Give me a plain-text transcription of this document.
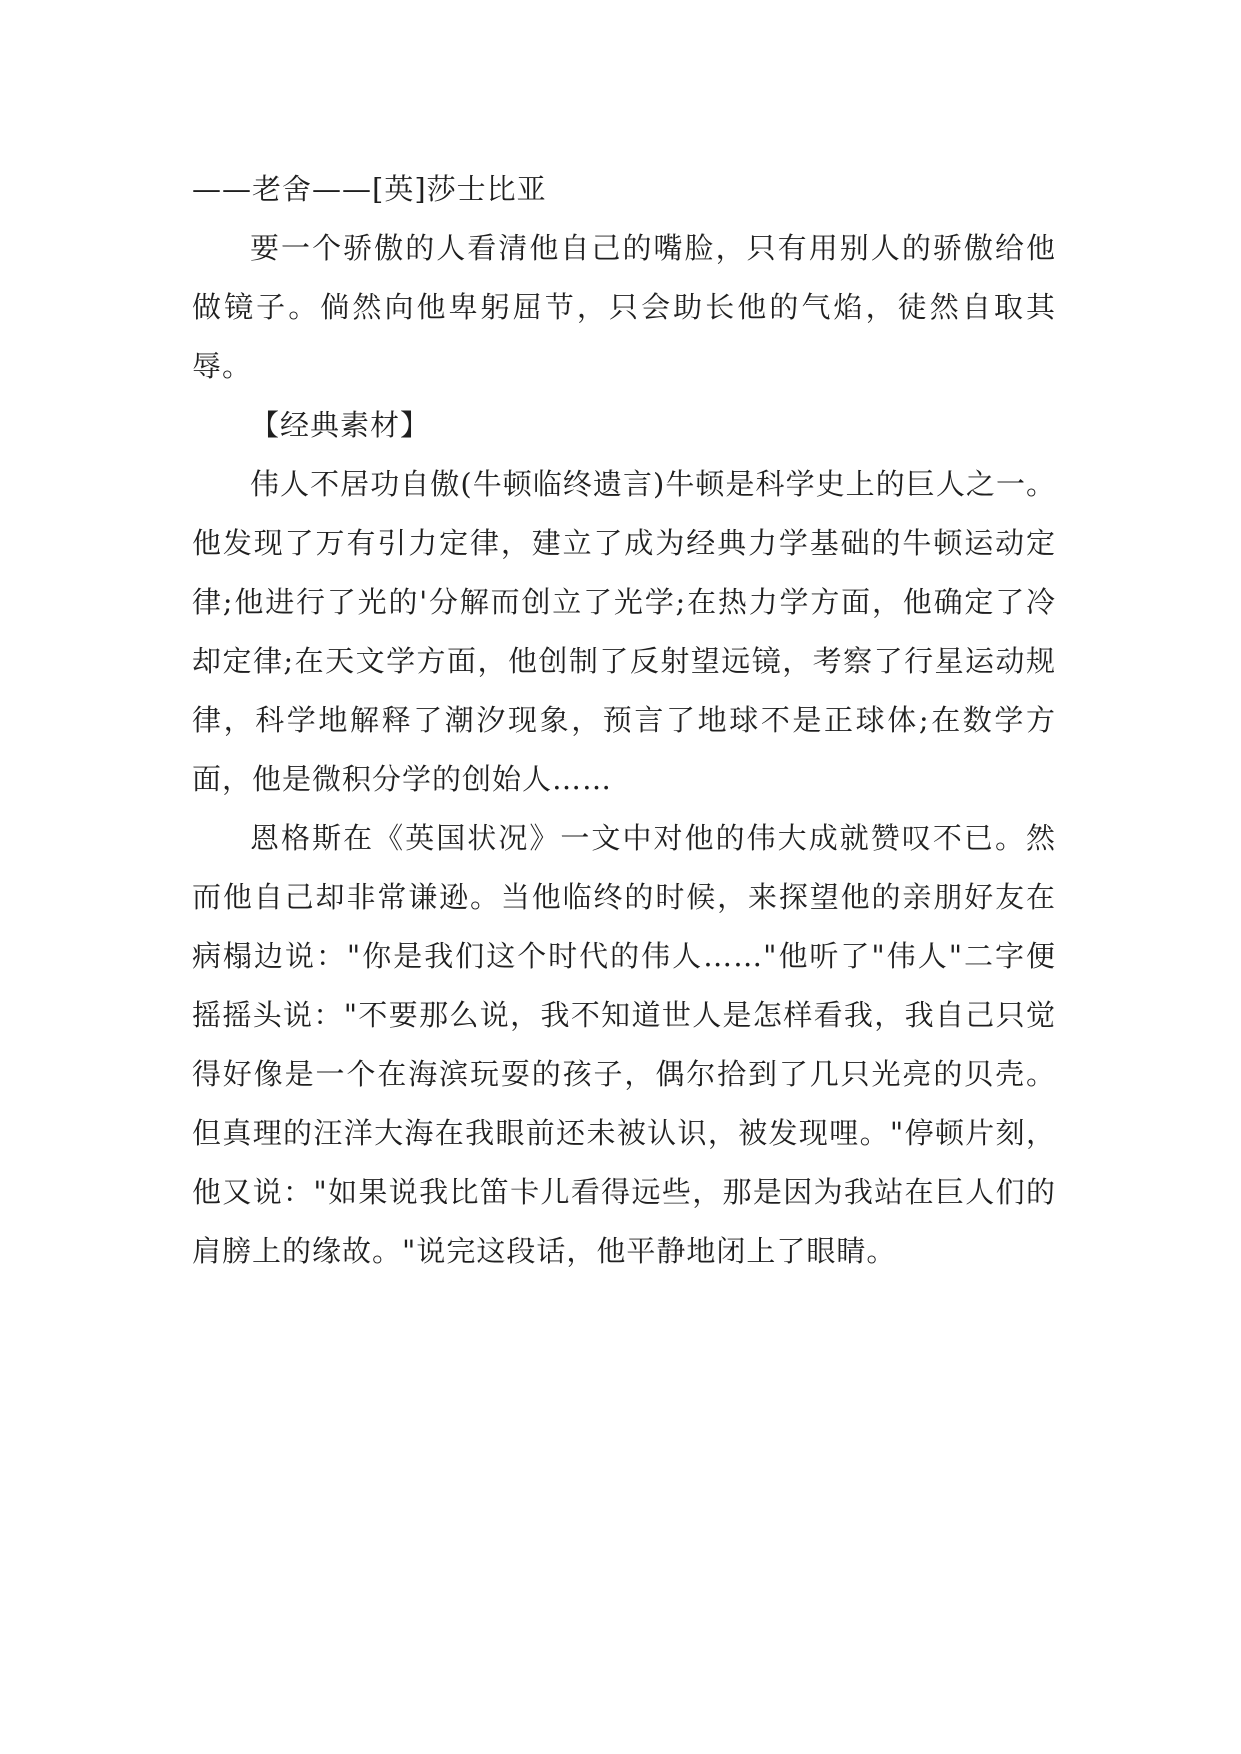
——老舍——[英]莎士比亚

要一个骄傲的人看清他自己的嘴脸，只有用别人的骄傲给他做镜子。倘然向他卑躬屈节，只会助长他的气焰，徒然自取其辱。

【经典素材】

伟人不居功自傲(牛顿临终遗言)牛顿是科学史上的巨人之一。他发现了万有引力定律，建立了成为经典力学基础的牛顿运动定律;他进行了光的'分解而创立了光学;在热力学方面，他确定了冷却定律;在天文学方面，他创制了反射望远镜，考察了行星运动规律，科学地解释了潮汐现象，预言了地球不是正球体;在数学方面，他是微积分学的创始人……

恩格斯在《英国状况》一文中对他的伟大成就赞叹不已。然而他自己却非常谦逊。当他临终的时候，来探望他的亲朋好友在病榻边说："你是我们这个时代的伟人……"他听了"伟人"二字便摇摇头说："不要那么说，我不知道世人是怎样看我，我自己只觉得好像是一个在海滨玩耍的孩子，偶尔拾到了几只光亮的贝壳。但真理的汪洋大海在我眼前还未被认识，被发现哩。"停顿片刻，他又说："如果说我比笛卡儿看得远些，那是因为我站在巨人们的肩膀上的缘故。"说完这段话，他平静地闭上了眼睛。
